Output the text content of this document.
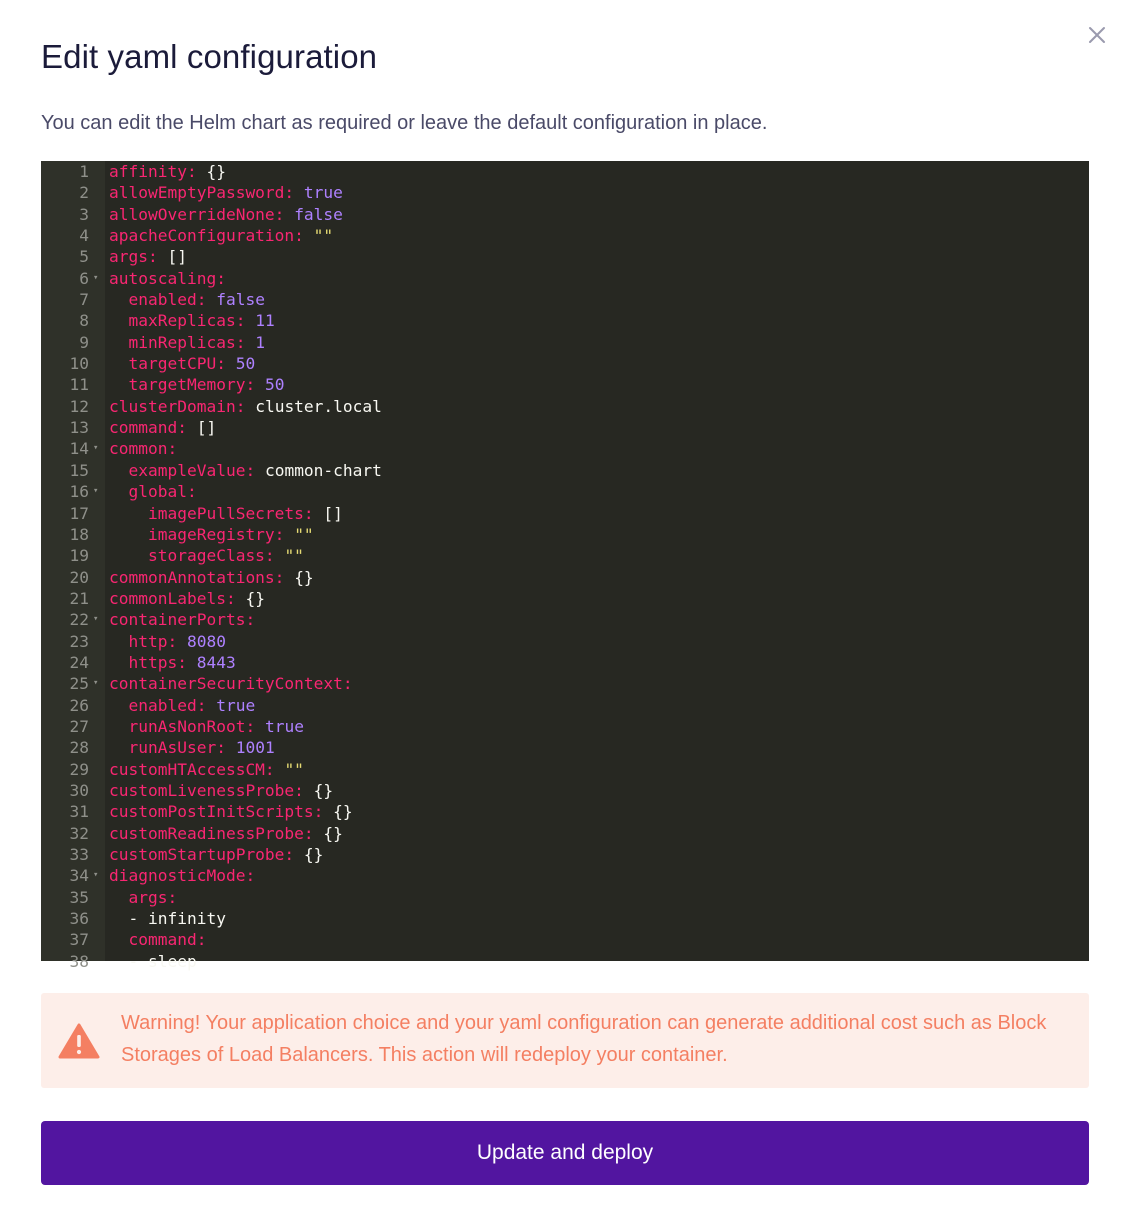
Edit yaml configuration

You can edit the Helm chart as required or leave the default configuration in place.

1 affinity: {}
2 allowEmptyPassword: true
3 allowOverrideNone: false
4 apacheConfiguration: ""
5 args: []
6 ▾ autoscaling:
7	enabled: false
8	maxReplicas: 11
9	minReplicas: 1
10	targetCPU: 50
11	targetMemory: 50
12 clusterDomain: cluster.local
13 command: []
14 ▾ common:
15	exampleValue: common-chart
16 ▾	global:
17	imagePullSecrets: []
18	imageRegistry: ""
19	storageClass: ""
20 commonAnnotations: {}
21 commonLabels: {}
22 ▾ containerPorts:
23	http: 8080
24	https: 8443
25 ▾ containerSecurityContext:
26	enabled: true
27	runAsNonRoot: true
28	runAsUser: 1001
29 customHTAccessCM: ""
30 customLivenessProbe: {}
31 customPostInitScripts: {}
32 customReadinessProbe: {}
33 customStartupProbe: {}
34 ▾ diagnosticMode:
35	args:
36	- infinity
37	command:
38	- sleep

Warning! Your application choice and your yaml configuration can generate additional cost such as Block Storages of Load Balancers. This action will redeploy your container.

Update and deploy
